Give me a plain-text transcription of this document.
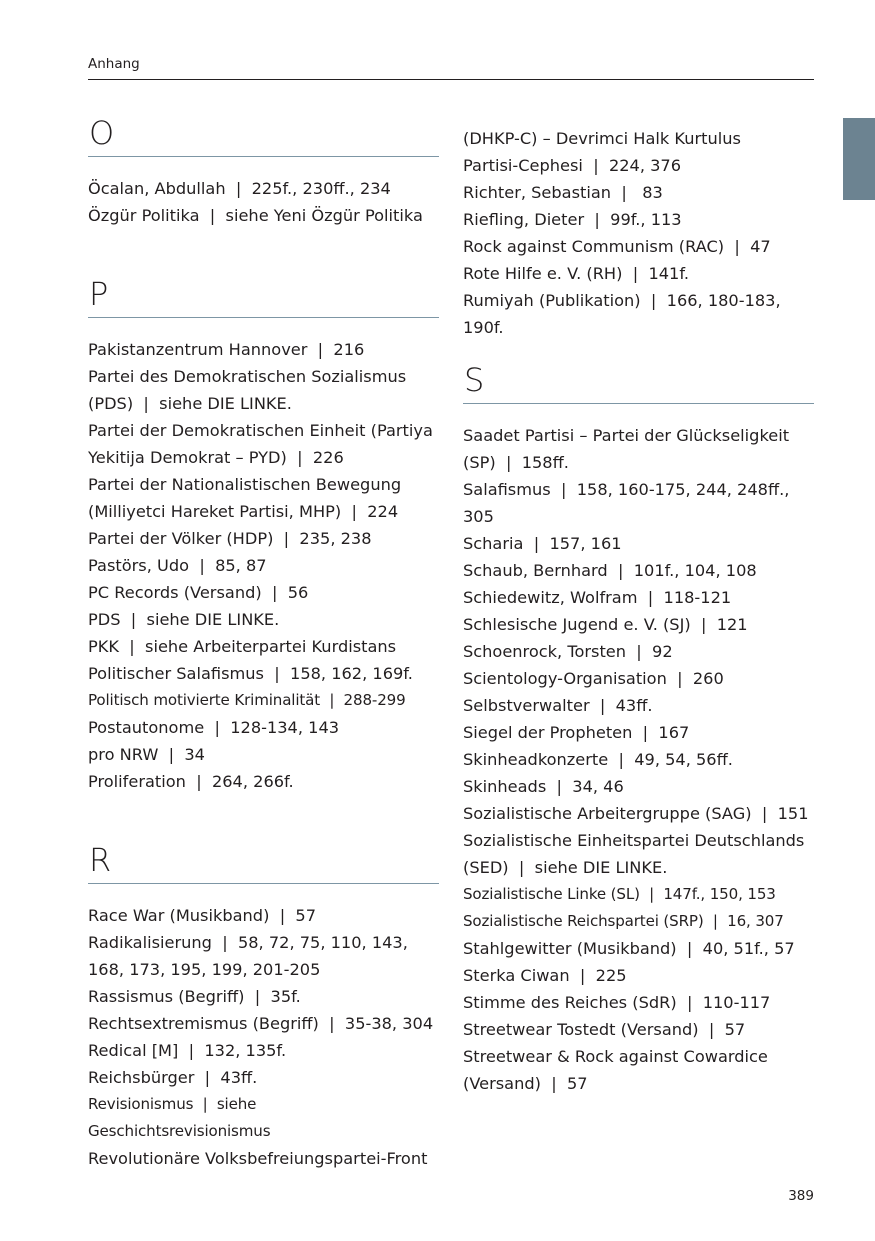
Anhang
O
Öcalan, Abdullah  |  225f., 230ff., 234
Özgür Politika  |  siehe Yeni Özgür Politika
P
Pakistanzentrum Hannover  |  216
Partei des Demokratischen Sozialismus
(PDS)  |  siehe DIE LINKE.
Partei der Demokratischen Einheit (Partiya
Yekitija Demokrat – PYD)  |  226
Partei der Nationalistischen Bewegung
(Milliyetci Hareket Partisi, MHP)  |  224
Partei der Völker (HDP)  |  235, 238
Pastörs, Udo  |  85, 87
PC Records (Versand)  |  56
PDS  |  siehe DIE LINKE.
PKK  |  siehe Arbeiterpartei Kurdistans
Politischer Salafismus  |  158, 162, 169f.
Politisch motivierte Kriminalität  |  288-299
Postautonome  |  128-134, 143
pro NRW  |  34
Proliferation  |  264, 266f.
R
Race War (Musikband)  |  57
Radikalisierung  |  58, 72, 75, 110, 143,
168, 173, 195, 199, 201-205
Rassismus (Begriff)  |  35f.
Rechtsextremismus (Begriff)  |  35-38, 304
Redical [M]  |  132, 135f.
Reichsbürger  |  43ff.
Revisionismus  |  siehe Geschichtsrevisionismus
Revolutionäre Volksbefreiungspartei-Front
(DHKP-C) – Devrimci Halk Kurtulus
Partisi-Cephesi  |  224, 376
Richter, Sebastian  |   83
Riefling, Dieter  |  99f., 113
Rock against Communism (RAC)  |  47
Rote Hilfe e. V. (RH)  |  141f.
Rumiyah (Publikation)  |  166, 180-183,
190f.
S
Saadet Partisi – Partei der Glückseligkeit
(SP)  |  158ff.
Salafismus  |  158, 160-175, 244, 248ff.,
305
Scharia  |  157, 161
Schaub, Bernhard  |  101f., 104, 108
Schiedewitz, Wolfram  |  118-121
Schlesische Jugend e. V. (SJ)  |  121
Schoenrock, Torsten  |  92
Scientology-Organisation  |  260
Selbstverwalter  |  43ff.
Siegel der Propheten  |  167
Skinheadkonzerte  |  49, 54, 56ff.
Skinheads  |  34, 46
Sozialistische Arbeitergruppe (SAG)  |  151
Sozialistische Einheitspartei Deutschlands
(SED)  |  siehe DIE LINKE.
Sozialistische Linke (SL)  |  147f., 150, 153
Sozialistische Reichspartei (SRP)  |  16, 307
Stahlgewitter (Musikband)  |  40, 51f., 57
Sterka Ciwan  |  225
Stimme des Reiches (SdR)  |  110-117
Streetwear Tostedt (Versand)  |  57
Streetwear & Rock against Cowardice
(Versand)  |  57
389
